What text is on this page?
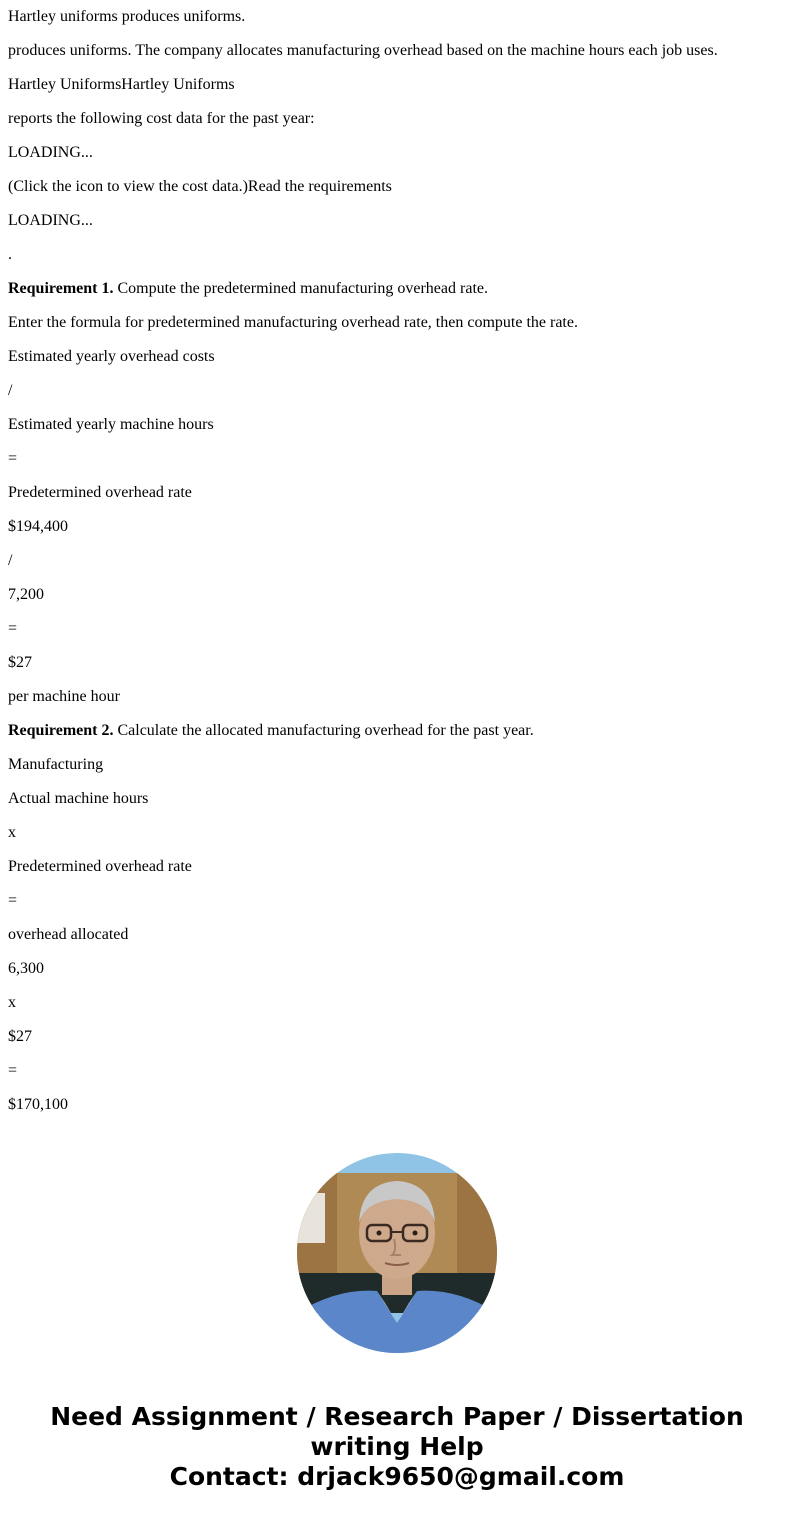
Hartley uniforms produces uniforms.

produces uniforms. The company allocates manufacturing overhead based on the machine hours each job uses.

Hartley UniformsHartley Uniforms

reports the following cost data for the past year:

LOADING...

(Click the icon to view the cost data.)Read the requirements

LOADING...

.

Requirement 1. Compute the predetermined manufacturing overhead rate.

Enter the formula for predetermined manufacturing overhead rate, then compute the rate.

Estimated yearly overhead costs

/

Estimated yearly machine hours

=

Predetermined overhead rate

$194,400

/

7,200

=

$27

per machine hour

Requirement 2. Calculate the allocated manufacturing overhead for the past year.

Manufacturing

Actual machine hours

x

Predetermined overhead rate

=

overhead allocated

6,300

x

$27

=

$170,100

Need Assignment / Research Paper / Dissertation
writing Help
Contact: drjack9650@gmail.com
